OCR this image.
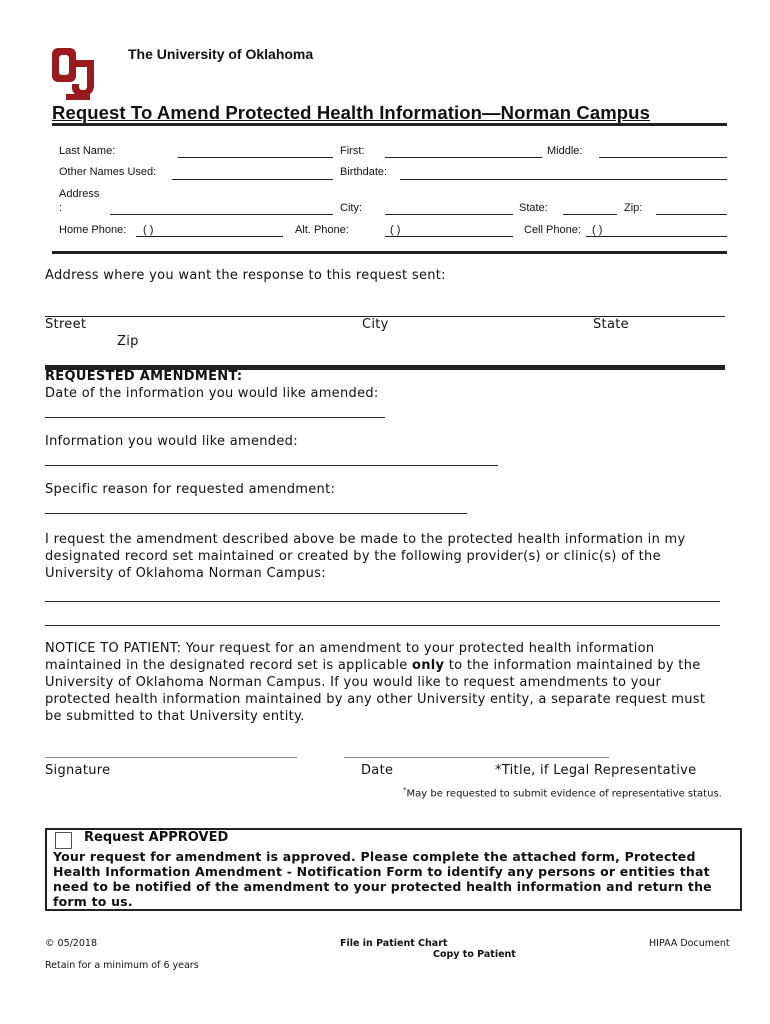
The University of Oklahoma
Request To Amend Protected Health Information—Norman Campus
Last Name:	First:	Middle:
Other Names Used:	Birthdate:
Address
:	City:	State:	Zip:
Home Phone: ( )	Alt. Phone:	( )	Cell Phone: ( )
Address where you want the response to this request sent:
Street	City	State
Zip
REQUESTED AMENDMENT:
Date of the information you would like amended:
Information you would like amended:
Specific reason for requested amendment:
I request the amendment described above be made to the protected health information in my
designated record set maintained or created by the following provider(s) or clinic(s) of the
University of Oklahoma Norman Campus:
NOTICE TO PATIENT: Your request for an amendment to your protected health information
maintained in the designated record set is applicable only to the information maintained by the
University of Oklahoma Norman Campus. If you would like to request amendments to your
protected health information maintained by any other University entity, a separate request must
be submitted to that University entity.
Signature	Date	*Title, if Legal Representative
*May be requested to submit evidence of representative status.
Request APPROVED
Your request for amendment is approved. Please complete the attached form, Protected
Health Information Amendment - Notification Form to identify any persons or entities that
need to be notified of the amendment to your protected health information and return the
form to us.
© 05/2018
Retain for a minimum of 6 years
File in Patient Chart
Copy to Patient
HIPAA Document
